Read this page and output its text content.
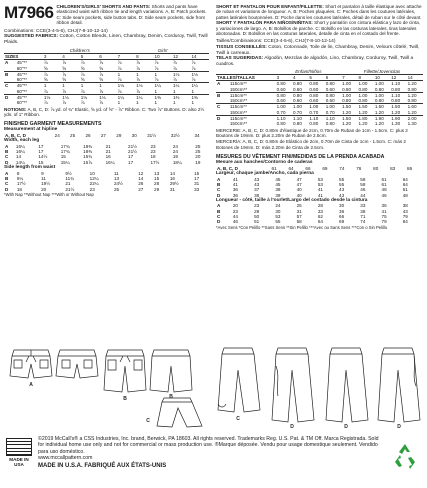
M7966 CHILDREN'S/GIRLS' SHORTS AND PANTS: Shorts and pants have elasticized waist with ribbon tie and length variations. A, B: Patch pockets. C: Side seam pockets, side button tabs. D: Side seam pockets, side front ribbon detail.
Combinations: CCE(3-4-5-6), CHJ(7-8-10-12-14)
SUGGESTED FABRICS: Cotton, Cotton Blends, Linen, Chambray, Denim, Corduroy, Twill, Twill Plaids.
		Children's				Girls'				
SIZES		3	4	5	6	7	8	10	12	14
A	45"**	⅞	⅞	⅞	⅞	⅞	⅞	⅞	⅞	⅞
	60"**	⅝	⅝	⅝	⅝	⅞	⅞	⅞	⅞	⅞
B	45"**	⅞	⅞	⅞	⅞	1	1	1	1⅛	1⅛
	60"**	⅝	⅝	⅝	⅝	⅞	⅞	⅞	⅞	⅞
C	45"**	1	1	1	1	1⅛	1⅛	1¼	1¼	1¼
	60"**	⅞	⅞	⅞	⅞	⅞	⅞	1	1	1
D	45"**	1⅛	1⅛	1⅛	1⅛	1¼	1¼	1⅜	1⅜	1⅜
	60"**	⅞	⅞	⅞	⅞	1	1	1	1	1
NOTIONS: A, B, C, D: ⅞ yd. of ¾" Elastic, ⅝ yd. of ⅝" - ⅞" Ribbon. C: Two ⅞" Buttons. D: also 2½ yds. of 1" Ribbon.
FINISHED GARMENT MEASUREMENTS
Measurement at hipline
A, B, C, D	24	25	26	27	29	30	31½	32½	34
Width, each leg
A	16¼	17	17¾	18⅜	21	21½	23	24	25
B	16¼	17	17¾	18⅜	21	21½	23	24	25
C	14	14½	15	15¾	16	17	18	19	20
D	14¼	15	15¼	15⅞	16¼	17	17½	18¼	19
Side length from waist
A	8	9	9½	10	11	12	13	14	15
B	9¼	11	11¾	12¼	13	14	15	16	17
C	17½	19½	21	22¼	24½	26	28	29½	31
D	18	20	21½	23	25	27	29	31	33
*With Nap **Without Nap ***With or Without Nap
SHORT ET PANTALON POUR ENFANT/FILLETTE: Short et pantalon à taille élastique avec attache de ruban et variations de longueur. A, B: Poches plaquées. C: Poches dans les coutures latérales, pattes latérales boutonnées. D: Poche dans les coutures latérales, détail de ruban sur le côté devant.
SHORT Y PANTALÓN PARA NIÑOS/NIÑITAS: Short y pantalón con cintura elástica y lazo de cinta, y variaciones de largo. A, B: Bolsillos de parche. C: Bolsillo en las costuras laterales, tiras laterales abotonadas. D: Bolsillos en las costuras laterales, detalle de cinta en el costado del frente.
Tailles/Combinaisons: CCE(3-4-5-6), CHJ(7-8-10-12-14)
TISSUS CONSEILLÉS: Coton, Cotonnade, Toile de lin, Chambray, Denim, Velours côtelé, Twill, Twill à carreaux.
TELAS SUGERIDAS: Algodón, Mezclas de algodón, Lino, Chambray, Corduroy, Twill, Twill a cuadros.
		Enfant/Niños				Fillette/Jovencitas				
TAILLES/TALLAS		3	4	5	6	7	8	10	12	14
A	115cm**	0.80	0.80	0.80	0.80	1.00	1.00	1.00	1.10	1.20
	150cm**	0.60	0.60	0.60	0.60	0.80	0.80	0.80	0.80	0.80
B	115cm**	0.80	0.80	0.80	0.80	1.00	1.00	1.00	1.10	1.20
	150cm**	0.60	0.60	0.60	0.60	0.80	0.80	0.80	0.80	0.80
C	115cm**	1.00	1.00	1.00	1.00	1.50	1.50	1.50	1.50	1.60
	150cm**	0.70	0.70	0.70	0.70	1.20	1.20	1.20	1.20	1.20
D	115cm**	1.10	1.10	1.10	1.10	1.50	1.80	1.90	1.90	2.00
	150cm**	0.80	0.80	0.80	0.80	1.20	1.20	1.20	1.30	1.30
MERCERIE: A, B, C, D: 0.80m d'élastique de 2cm, 0.70m de Ruban de 1cm - 1.5cm. C: plus 2 Boutons de 19mm. D: plus 2.20m de Ruban de 2.5cm.
MERCERÍA: A, B, C, D: 0.80m de Elástico de 2cm, 0.70m de Cinta de 1cm - 1.5cm. C: más 2 Botones de 19mm. D: más 2.20m de Cinta de 2.5cm.
MESURES DU VÊTEMENT FINI/MEDIDAS DE LA PRENDA ACABADA
Mesure aux hanches/Contorno de caderas
A, B, C, D	61	64	66	69	74	76	80	83	86
Largeur, chaque jambe/Ancho, cada pierna
A	41	43	45	47	53	55	58	61	64
B	41	43	45	47	53	55	58	61	64
C	36	37	38	40	41	43	46	48	51
D	36	38	39	40	41	43	44	46	48
Longueur - côté, taille à l'ourlet/Largo del costado desde la cintura
A	20	23	24	25	28	30	33	36	38
B	23	28	30	31	33	36	38	41	43
C	44	50	53	57	62	66	71	75	79
D	46	51	55	58	64	69	74	79	84
*Avec Sens *Con Pelillo **Sans Sens **Sin Pelillo ***Avec ou Sans Sens ***Con o Sin Pelillo
A
B	B
C	C
D	D	D
MADE IN USA
©2019 McCall's® a CSS Industries, Inc. brand, Berwick, PA 18603. All rights reserved. Trademarks Reg. U.S. Pat. & TM Off. Marca Registrada. Sold for individual home use only and not for commercial or mass production use. ®Marque déposée. Vendu pour usage domestique seulement. Vendido para uso doméstico.
www.mccallpattern.com
MADE IN U.S.A. FABRIQUÉ AUX ÉTATS-UNIS
